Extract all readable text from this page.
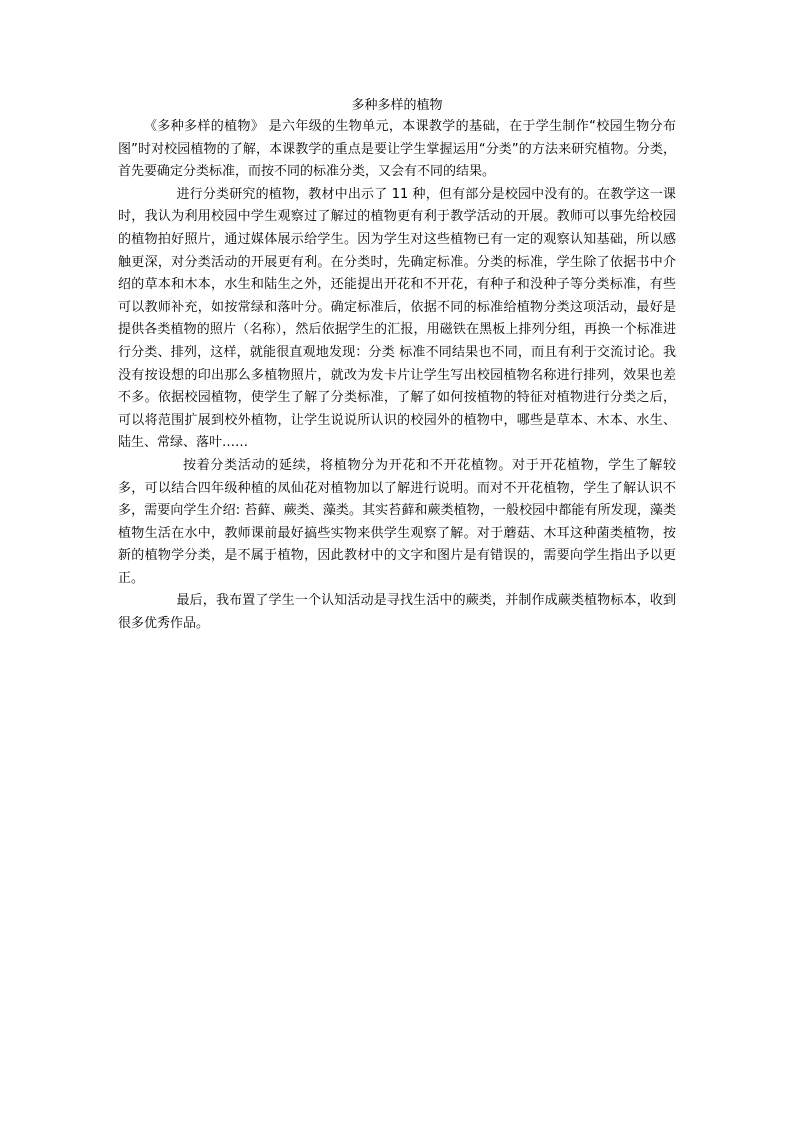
多种多样的植物

《多种多样的植物》 是六年级的生物单元，本课教学的基础，在于学生制作“校园生物分布图”时对校园植物的了解，本课教学的重点是要让学生掌握运用“分类”的方法来研究植物。分类，首先要确定分类标准，而按不同的标准分类，又会有不同的结果。

进行分类研究的植物，教材中出示了 11 种，但有部分是校园中没有的。在教学这一课时，我认为利用校园中学生观察过了解过的植物更有利于教学活动的开展。教师可以事先给校园的植物拍好照片，通过媒体展示给学生。因为学生对这些植物已有一定的观察认知基础，所以感触更深，对分类活动的开展更有利。在分类时，先确定标准。分类的标准，学生除了依据书中介绍的草本和木本，水生和陆生之外，还能提出开花和不开花，有种子和没种子等分类标准，有些可以教师补充，如按常绿和落叶分。确定标准后，依据不同的标准给植物分类这项活动，最好是提供各类植物的照片（名称），然后依据学生的汇报，用磁铁在黑板上排列分组，再换一个标准进行分类、排列，这样，就能很直观地发现：分类 标准不同结果也不同，而且有利于交流讨论。我没有按设想的印出那么多植物照片，就改为发卡片让学生写出校园植物名称进行排列，效果也差不多。依据校园植物，使学生了解了分类标准，了解了如何按植物的特征对植物进行分类之后，可以将范围扩展到校外植物，让学生说说所认识的校园外的植物中，哪些是草本、木本、水生、陆生、常绿、落叶……

按着分类活动的延续，将植物分为开花和不开花植物。对于开花植物，学生了解较多，可以结合四年级种植的凤仙花对植物加以了解进行说明。而对不开花植物，学生了解认识不多，需要向学生介绍: 苔藓、蕨类、藻类。其实苔藓和蕨类植物，一般校园中都能有所发现，藻类植物生活在水中，教师课前最好搞些实物来供学生观察了解。对于蘑菇、木耳这种菌类植物，按新的植物学分类，是不属于植物，因此教材中的文字和图片是有错误的，需要向学生指出予以更正。

最后，我布置了学生一个认知活动是寻找生活中的蕨类，并制作成蕨类植物标本，收到很多优秀作品。
